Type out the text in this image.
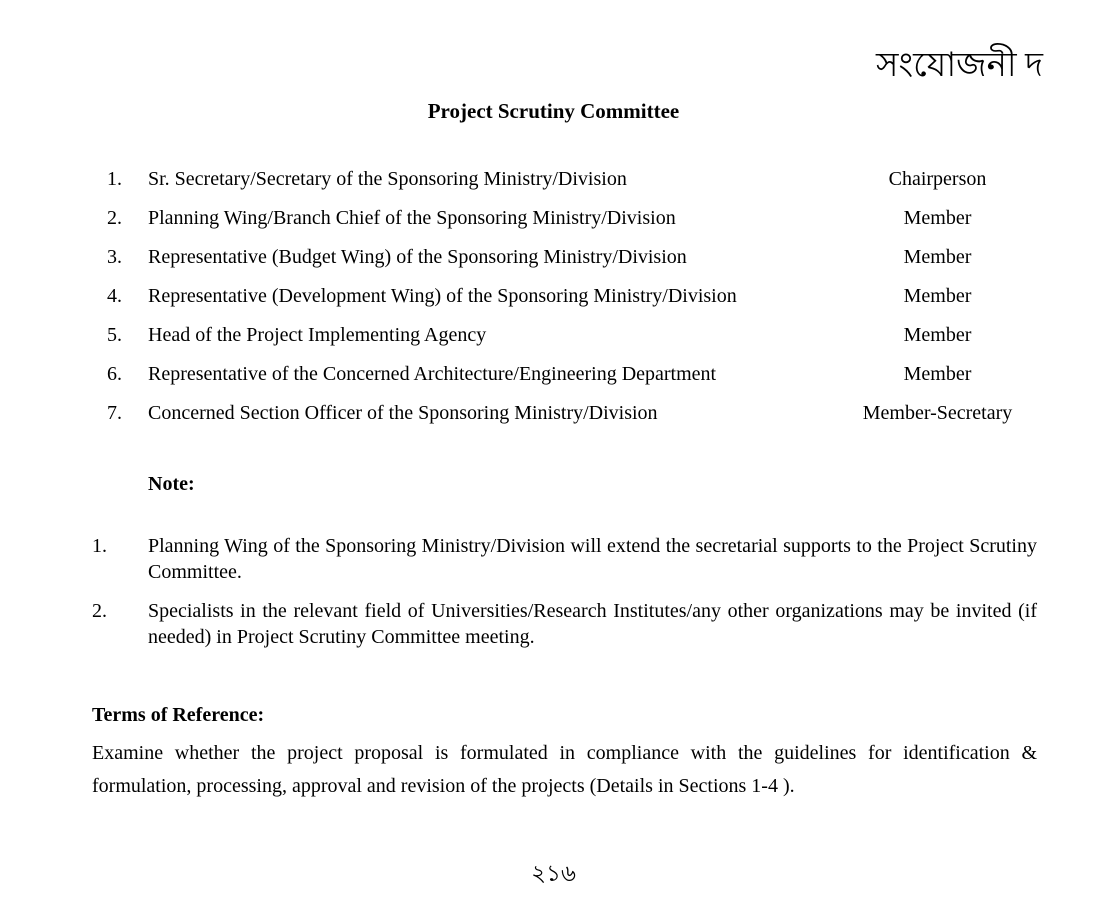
সংযোজনী দ
Project Scrutiny Committee
1.	Sr. Secretary/Secretary of the Sponsoring Ministry/Division	Chairperson
2.	Planning Wing/Branch Chief of the Sponsoring Ministry/Division	Member
3.	Representative (Budget Wing) of the Sponsoring Ministry/Division	Member
4.	Representative (Development Wing) of the Sponsoring Ministry/Division	Member
5.	Head of the Project Implementing Agency	Member
6.	Representative of the Concerned Architecture/Engineering Department	Member
7.	Concerned Section Officer of the Sponsoring Ministry/Division	Member-Secretary
Note:
1.	Planning Wing of the Sponsoring Ministry/Division will extend the secretarial supports to the Project Scrutiny Committee.
2.	Specialists in the relevant field of Universities/Research Institutes/any other organizations may be invited (if needed) in Project Scrutiny Committee meeting.
Terms of Reference:
Examine whether the project proposal is formulated in compliance with the guidelines for identification & formulation, processing, approval and revision of the projects (Details in Sections 1-4 ).
২১৬
